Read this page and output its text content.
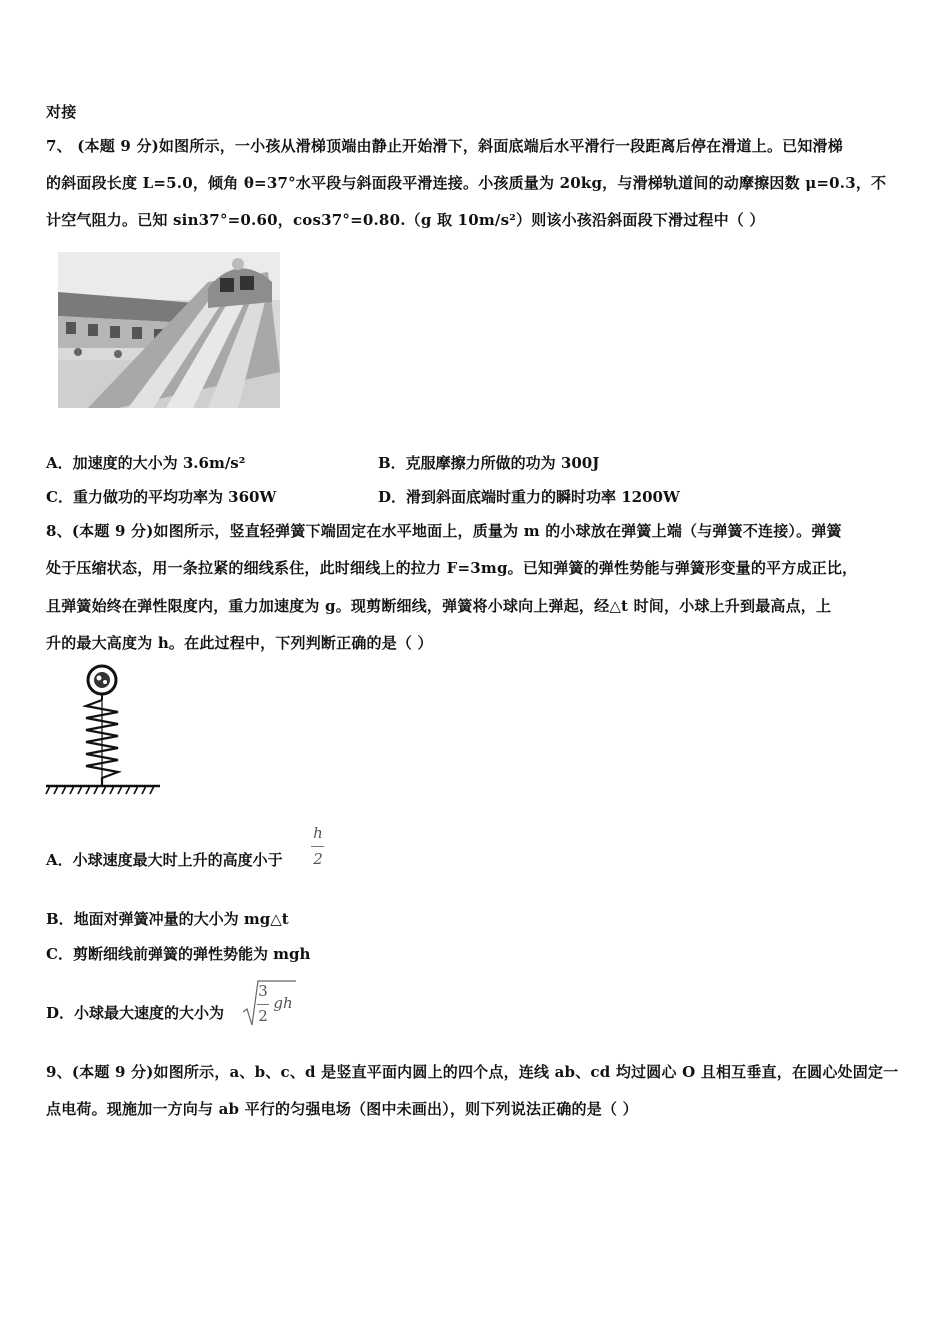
对接
7、 (本题 9 分)如图所示，一小孩从滑梯顶端由静止开始滑下，斜面底端后水平滑行一段距离后停在滑道上。已知滑梯
的斜面段长度 L=5.0，倾角 θ=37°水平段与斜面段平滑连接。小孩质量为 20kg，与滑梯轨道间的动摩擦因数 μ=0.3，不
计空气阻力。已知 sin37°=0.60，cos37°=0.80.（g 取 10m/s²）则该小孩沿斜面段下滑过程中（ ）
A．加速度的大小为 3.6m/s²	B．克服摩擦力所做的功为 300J
C．重力做功的平均功率为 360W	D．滑到斜面底端时重力的瞬时功率 1200W
8、(本题 9 分)如图所示，竖直轻弹簧下端固定在水平地面上，质量为 m 的小球放在弹簧上端（与弹簧不连接）。弹簧
处于压缩状态，用一条拉紧的细线系住，此时细线上的拉力 F=3mg。已知弹簧的弹性势能与弹簧形变量的平方成正比，
且弹簧始终在弹性限度内，重力加速度为 g。现剪断细线，弹簧将小球向上弹起，经△t 时间，小球上升到最高点，上
升的最大高度为 h。在此过程中，下列判断正确的是（ ）
A．小球速度最大时上升的高度小于
h
2
B．地面对弹簧冲量的大小为 mg△t
C．剪断细线前弹簧的弹性势能为 mgh
D．小球最大速度的大小为
3
2
gh
9、(本题 9 分)如图所示，a、b、c、d 是竖直平面内圆上的四个点，连线 ab、cd 均过圆心 O 且相互垂直，在圆心处固定一
点电荷。现施加一方向与 ab 平行的匀强电场（图中未画出），则下列说法正确的是（ ）
